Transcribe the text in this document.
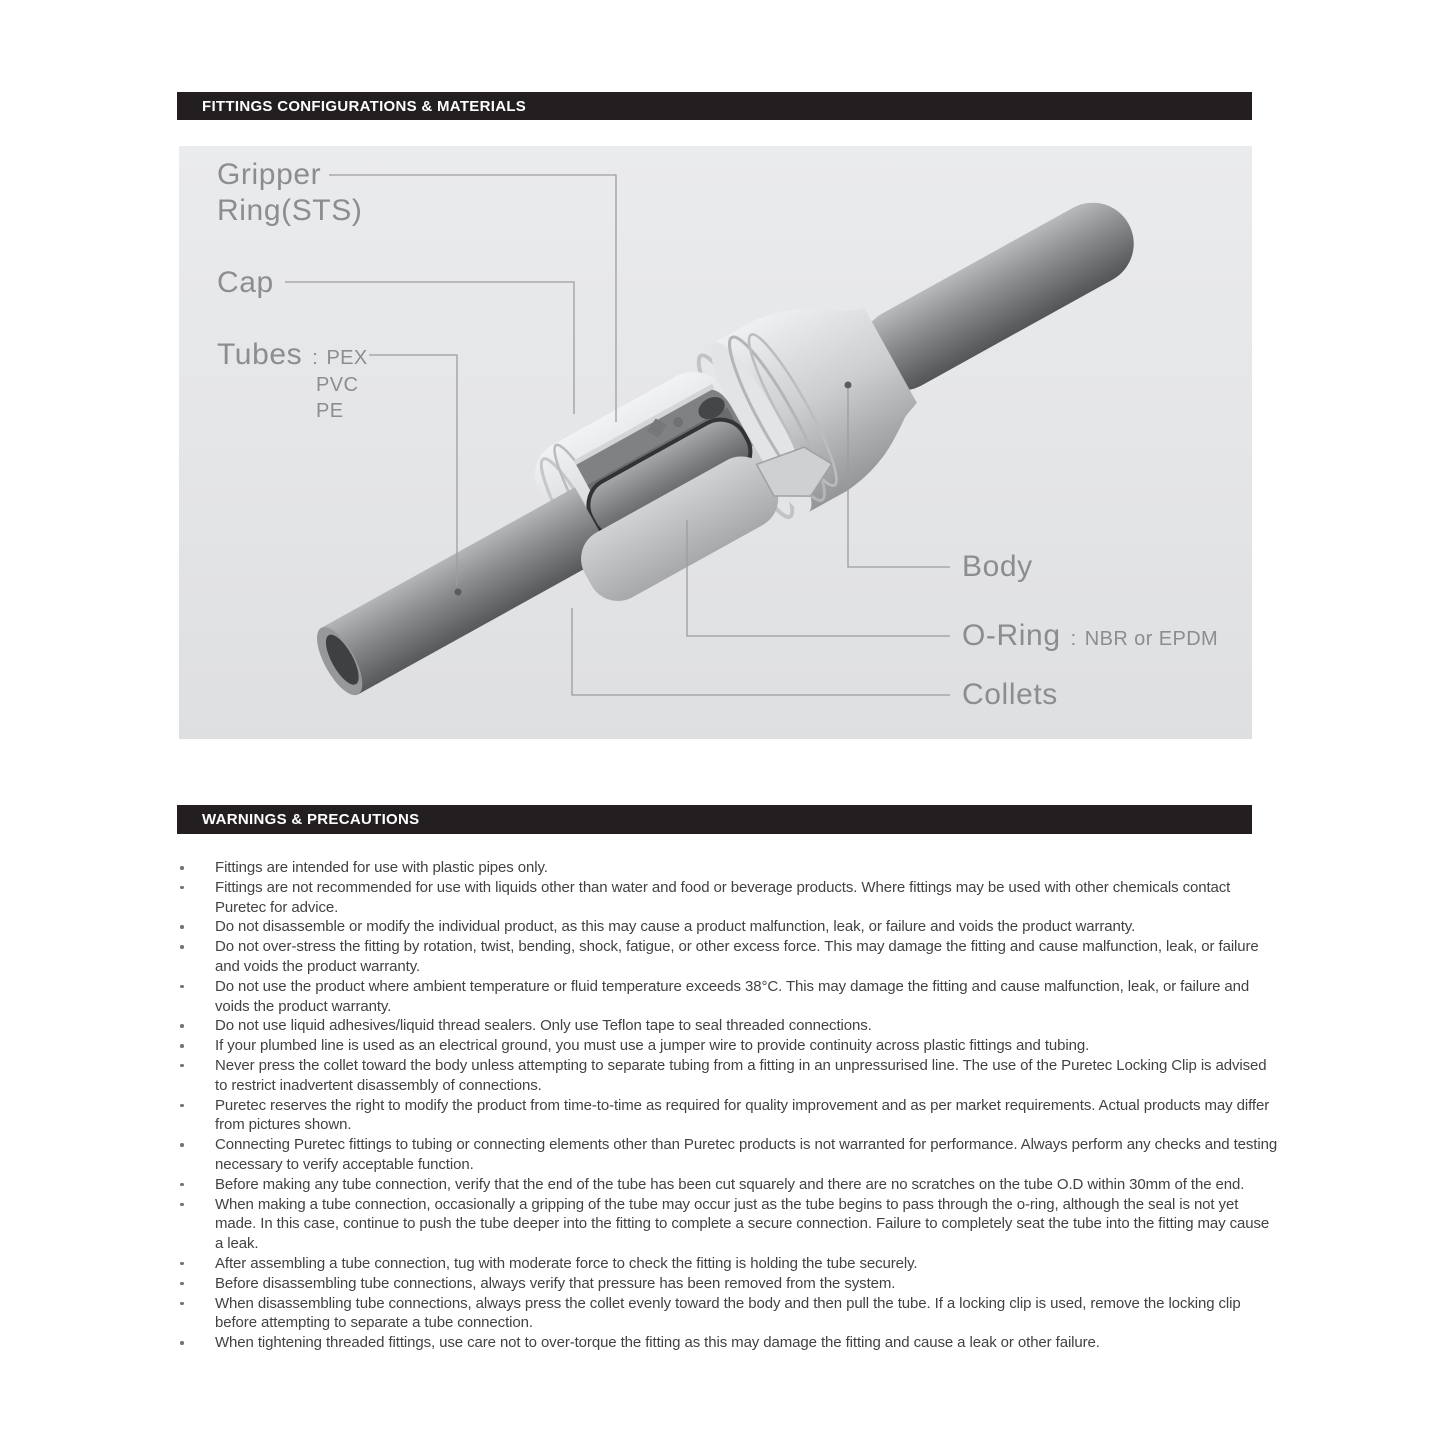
FITTINGS CONFIGURATIONS & MATERIALS
Gripper
Ring(STS)
Cap
Tubes : PEX
PVC
PE
Body
O-Ring : NBR or EPDM
Collets
WARNINGS & PRECAUTIONS
Fittings are intended for use with plastic pipes only.
Fittings are not recommended for use with liquids other than water and food or beverage products. Where fittings may be used with other chemicals contact Puretec for advice.
Do not disassemble or modify the individual product, as this may cause a product malfunction, leak, or failure and voids the product warranty.
Do not over-stress the fitting by rotation, twist, bending, shock, fatigue, or other excess force. This may damage the fitting and cause malfunction, leak, or failure and voids the product warranty.
Do not use the product where ambient temperature or fluid temperature exceeds 38°C. This may damage the fitting and cause malfunction, leak, or failure and voids the product warranty.
Do not use liquid adhesives/liquid thread sealers. Only use Teflon tape to seal threaded connections.
If your plumbed line is used as an electrical ground, you must use a jumper wire to provide continuity across plastic fittings and tubing.
Never press the collet toward the body unless attempting to separate tubing from a fitting in an unpressurised line. The use of the Puretec Locking Clip is advised to restrict inadvertent disassembly of connections.
Puretec reserves the right to modify the product from time-to-time as required for quality improvement and as per market requirements. Actual products may differ from pictures shown.
Connecting Puretec fittings to tubing or connecting elements other than Puretec products is not warranted for performance. Always perform any checks and testing necessary to verify acceptable function.
Before making any tube connection, verify that the end of the tube has been cut squarely and there are no scratches on the tube O.D within 30mm of the end.
When making a tube connection, occasionally a gripping of the tube may occur just as the tube begins to pass through the o-ring, although the seal is not yet made. In this case, continue to push the tube deeper into the fitting to complete a secure connection. Failure to completely seat the tube into the fitting may cause a leak.
After assembling a tube connection, tug with moderate force to check the fitting is holding the tube securely.
Before disassembling tube connections, always verify that pressure has been removed from the system.
When disassembling tube connections, always press the collet evenly toward the body and then pull the tube. If a locking clip is used, remove the locking clip before attempting to separate a tube connection.
When tightening threaded fittings, use care not to over-torque the fitting as this may damage the fitting and cause a leak or other failure.
